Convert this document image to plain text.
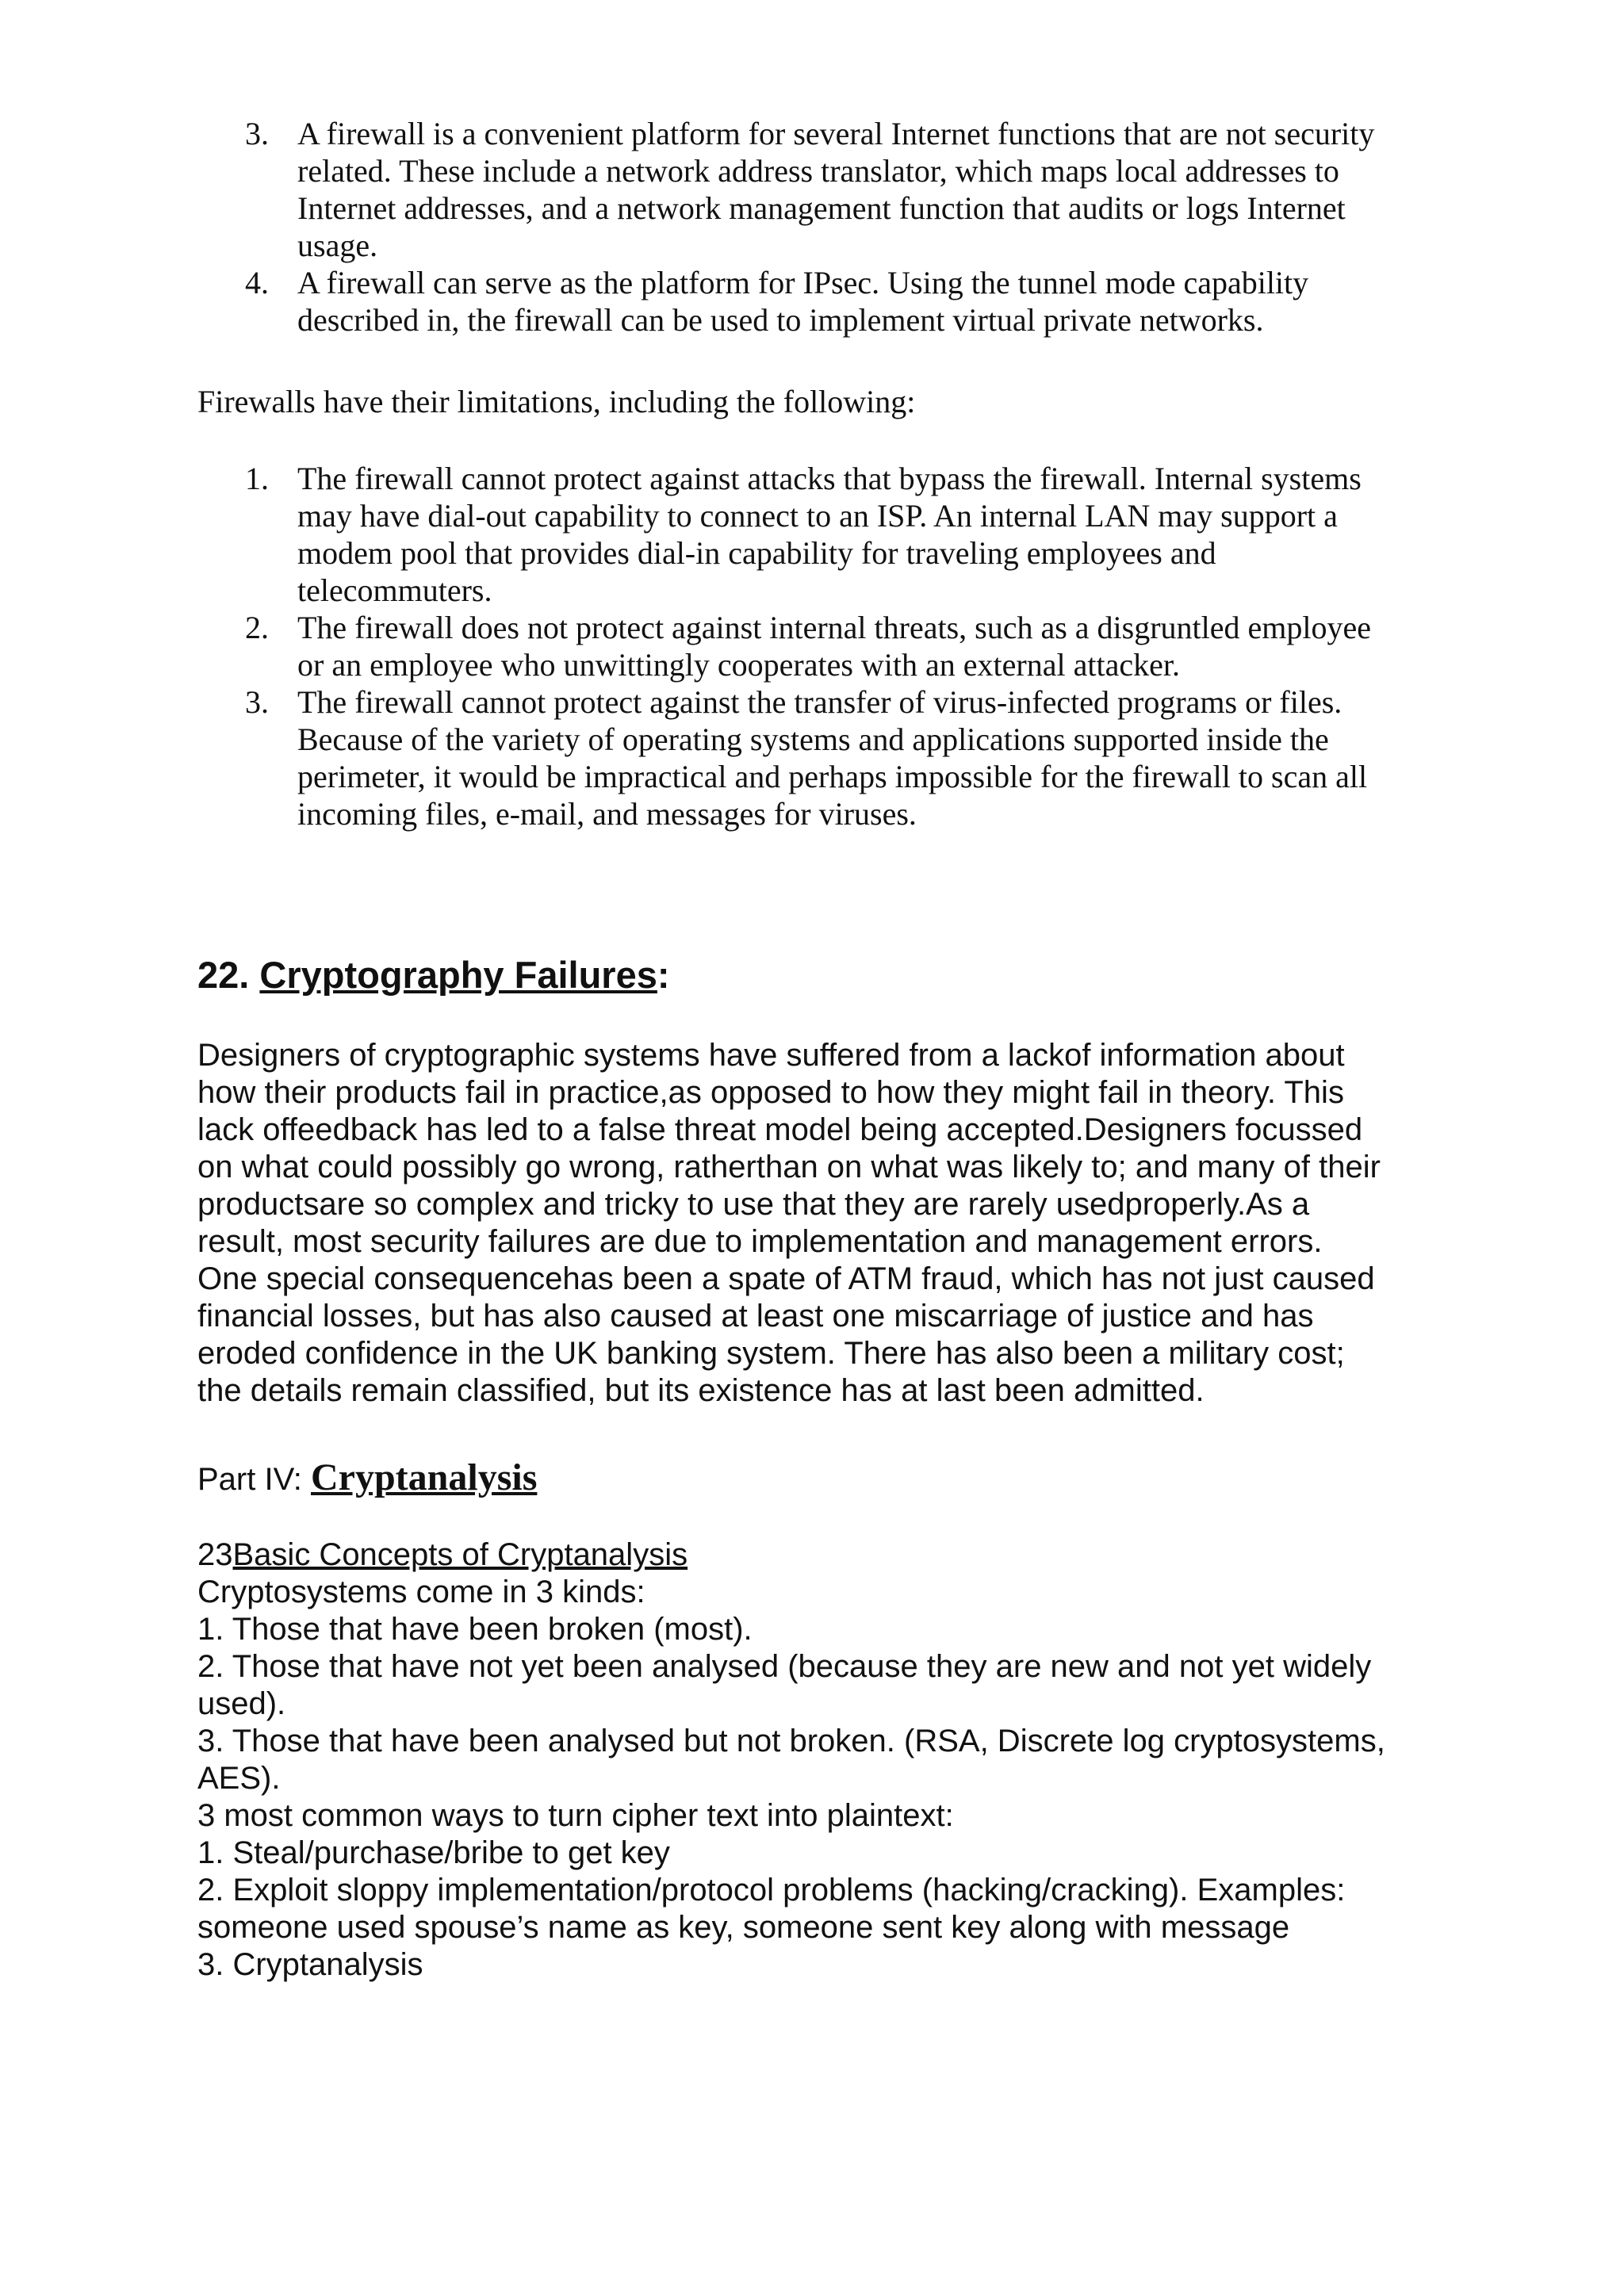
3. A firewall is a convenient platform for several Internet functions that are not security
related. These include a network address translator, which maps local addresses to
Internet addresses, and a network management function that audits or logs Internet
usage.
4. A firewall can serve as the platform for IPsec. Using the tunnel mode capability
described in, the firewall can be used to implement virtual private networks.
Firewalls have their limitations, including the following:
1. The firewall cannot protect against attacks that bypass the firewall. Internal systems
may have dial-out capability to connect to an ISP. An internal LAN may support a
modem pool that provides dial-in capability for traveling employees and
telecommuters.
2. The firewall does not protect against internal threats, such as a disgruntled employee
or an employee who unwittingly cooperates with an external attacker.
3. The firewall cannot protect against the transfer of virus-infected programs or files.
Because of the variety of operating systems and applications supported inside the
perimeter, it would be impractical and perhaps impossible for the firewall to scan all
incoming files, e-mail, and messages for viruses.
22. Cryptography Failures:
Designers of cryptographic systems have suffered from a lackof information about
how their products fail in practice,as opposed to how they might fail in theory. This
lack offeedback has led to a false threat model being accepted.Designers focussed
on what could possibly go wrong, ratherthan on what was likely to; and many of their
productsare so complex and tricky to use that they are rarely usedproperly.As a
result, most security failures are due to implementation and management errors.
One special consequencehas been a spate of ATM fraud, which has not just caused
financial losses, but has also caused at least one miscarriage of justice and has
eroded confidence in the UK banking system. There has also been a military cost;
the details remain classified, but its existence has at last been admitted.
Part IV: Cryptanalysis
23Basic Concepts of Cryptanalysis
Cryptosystems come in 3 kinds:
1. Those that have been broken (most).
2. Those that have not yet been analysed (because they are new and not yet widely
used).
3. Those that have been analysed but not broken. (RSA, Discrete log cryptosystems,
AES).
3 most common ways to turn cipher text into plaintext:
1. Steal/purchase/bribe to get key
2. Exploit sloppy implementation/protocol problems (hacking/cracking). Examples:
someone used spouse’s name as key, someone sent key along with message
3. Cryptanalysis
